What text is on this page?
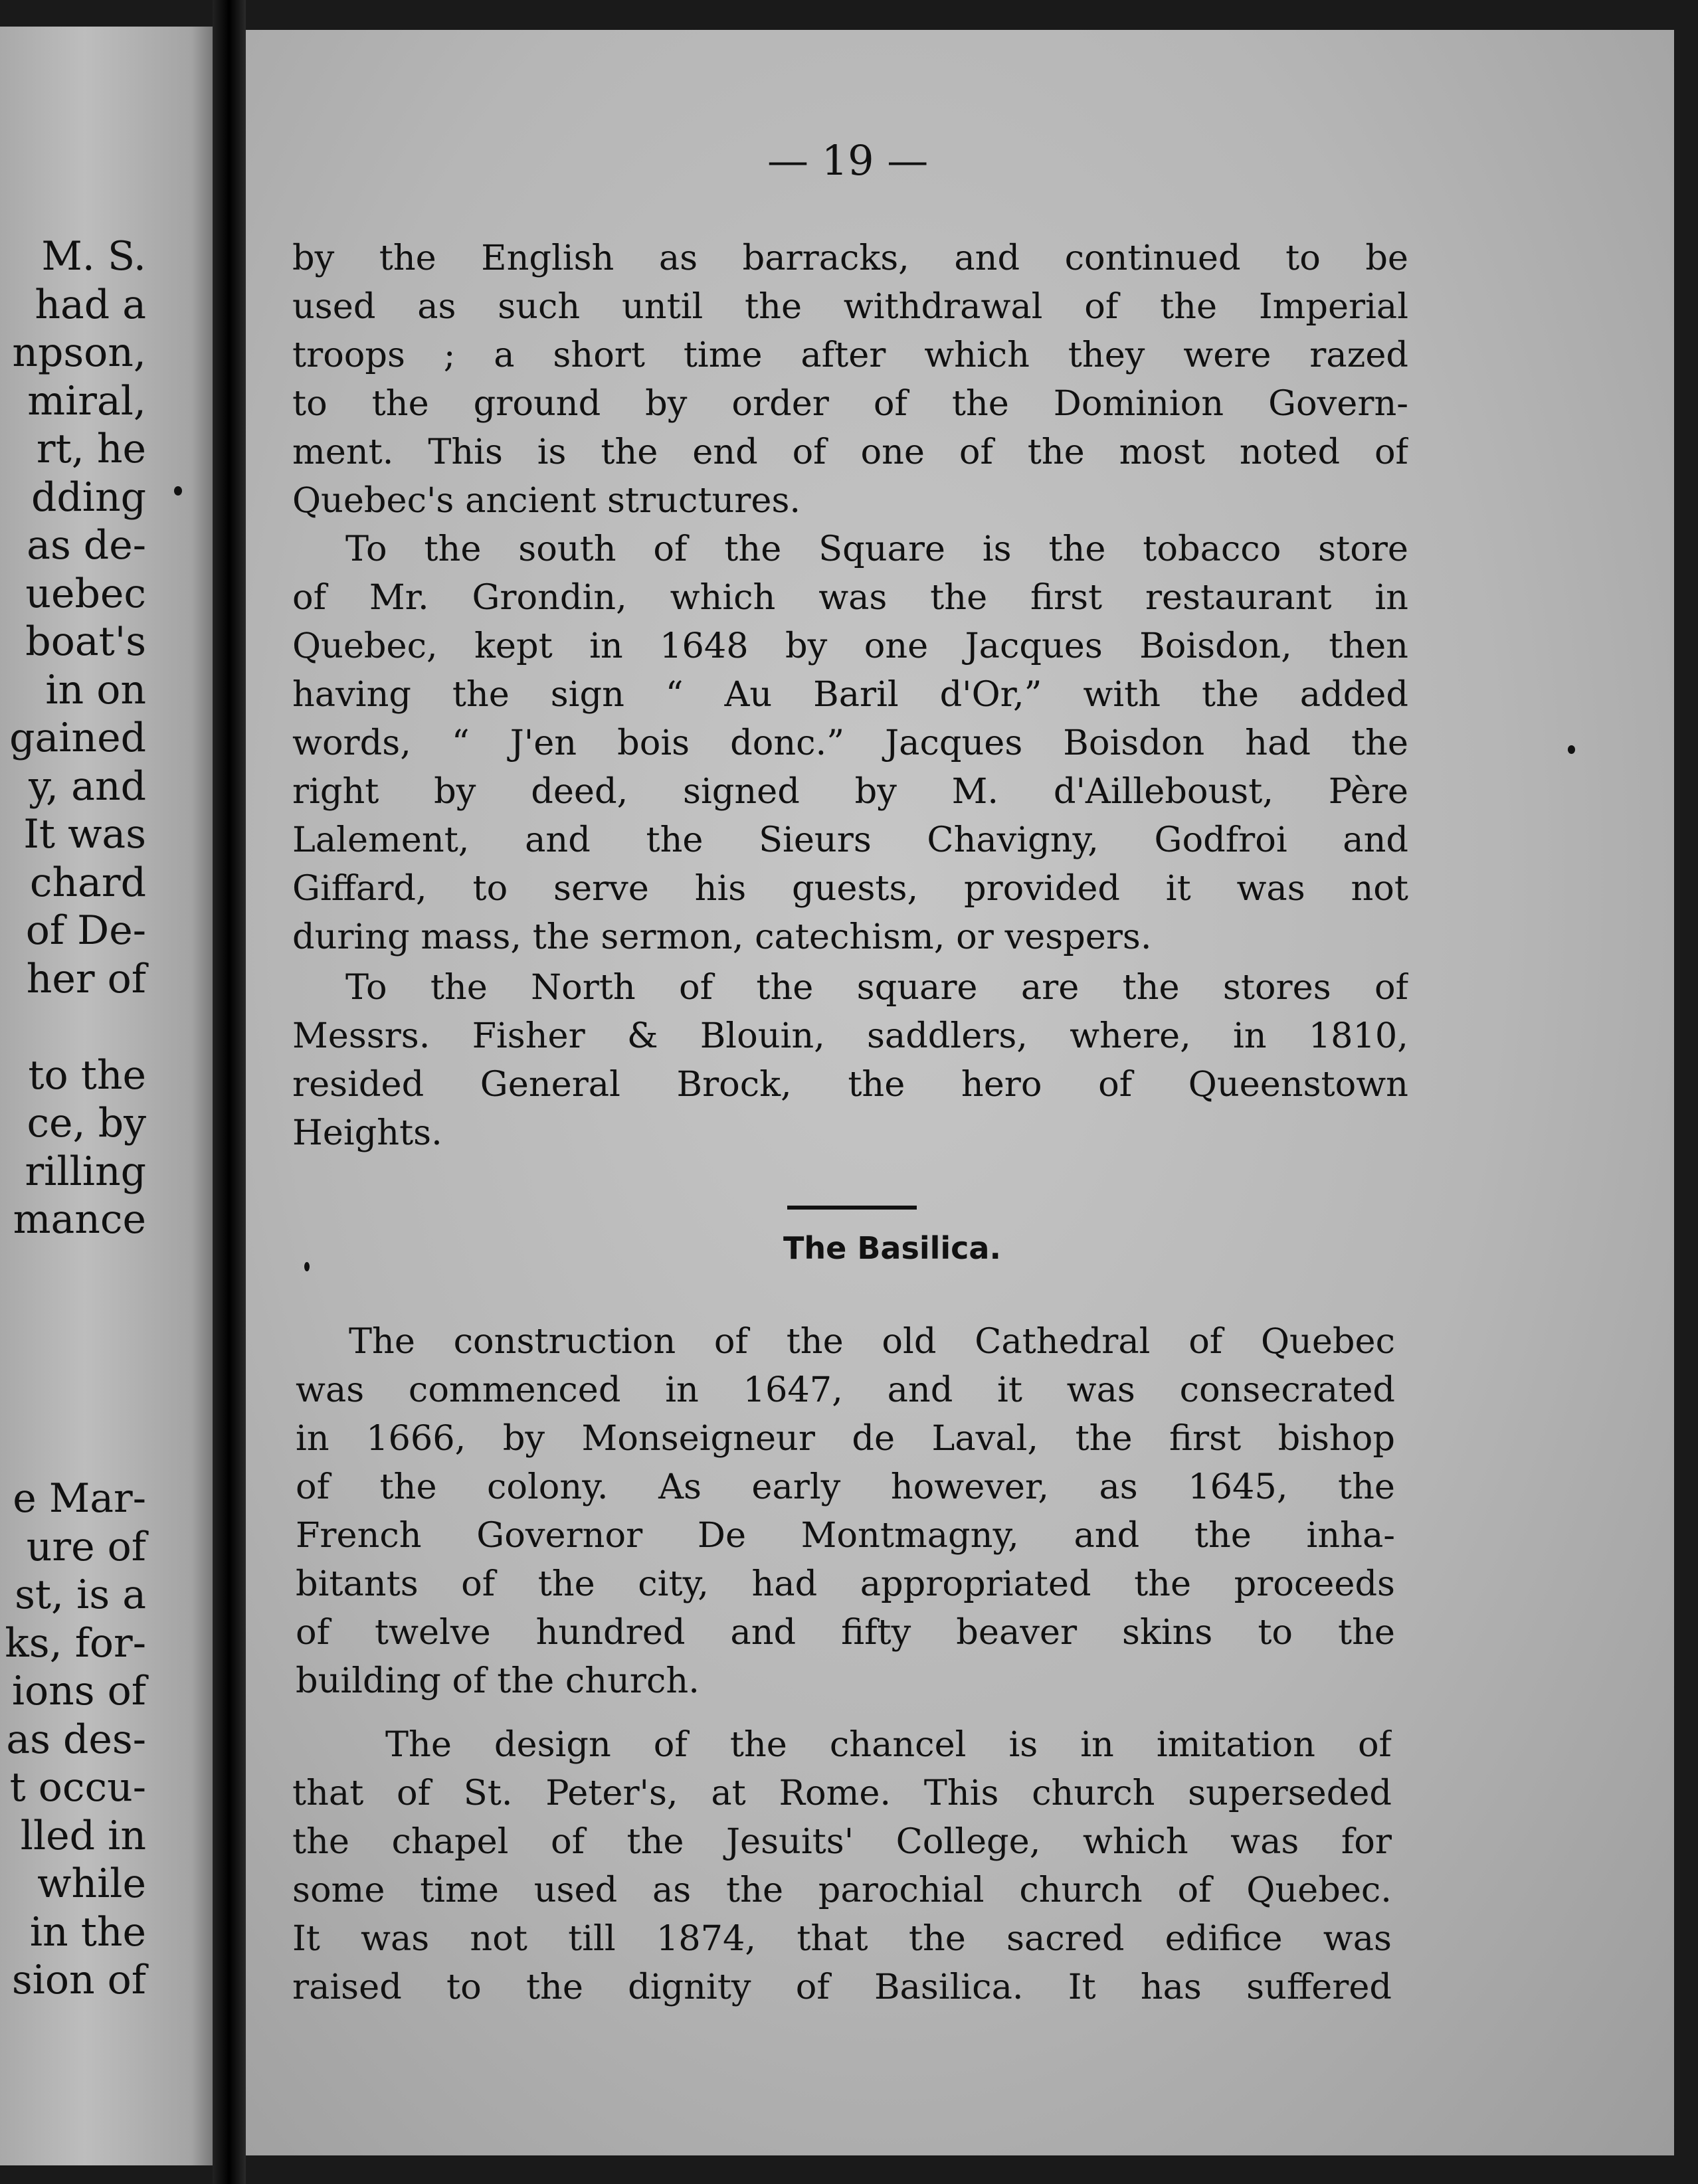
M. S.
had a
npson,
miral,
rt, he
dding
as de-
uebec
boat's
in on
gained
y, and
It was
chard
of De-
her of

to the
ce, by
rilling
mance
e Mar-
ure of
st, is a
ks, for-
ions of
as des-
t occu-
lled in
while
in the
sion of
— 19 —
by the English as barracks, and continued to be
used as such until the withdrawal of the Imperial
troops ; a short time after which they were razed
to the ground by order of the Dominion Govern-
ment. This is the end of one of the most noted of
Quebec's ancient structures.
To the south of the Square is the tobacco store
of Mr. Grondin, which was the first restaurant in
Quebec, kept in 1648 by one Jacques Boisdon, then
having the sign “ Au Baril d'Or,” with the added
words, “ J'en bois donc.” Jacques Boisdon had the
right by deed, signed by M. d'Ailleboust, Père
Lalement, and the Sieurs Chavigny, Godfroi and
Giffard, to serve his guests, provided it was not
during mass, the sermon, catechism, or vespers.
To the North of the square are the stores of
Messrs. Fisher & Blouin, saddlers, where, in 1810,
resided General Brock, the hero of Queenstown
Heights.
The Basilica.
The construction of the old Cathedral of Quebec
was commenced in 1647, and it was consecrated
in 1666, by Monseigneur de Laval, the first bishop
of the colony. As early however, as 1645, the
French Governor De Montmagny, and the inha-
bitants of the city, had appropriated the proceeds
of twelve hundred and fifty beaver skins to the
building of the church.
The design of the chancel is in imitation of
that of St. Peter's, at Rome. This church superseded
the chapel of the Jesuits' College, which was for
some time used as the parochial church of Quebec.
It was not till 1874, that the sacred edifice was
raised to the dignity of Basilica. It has suffered
